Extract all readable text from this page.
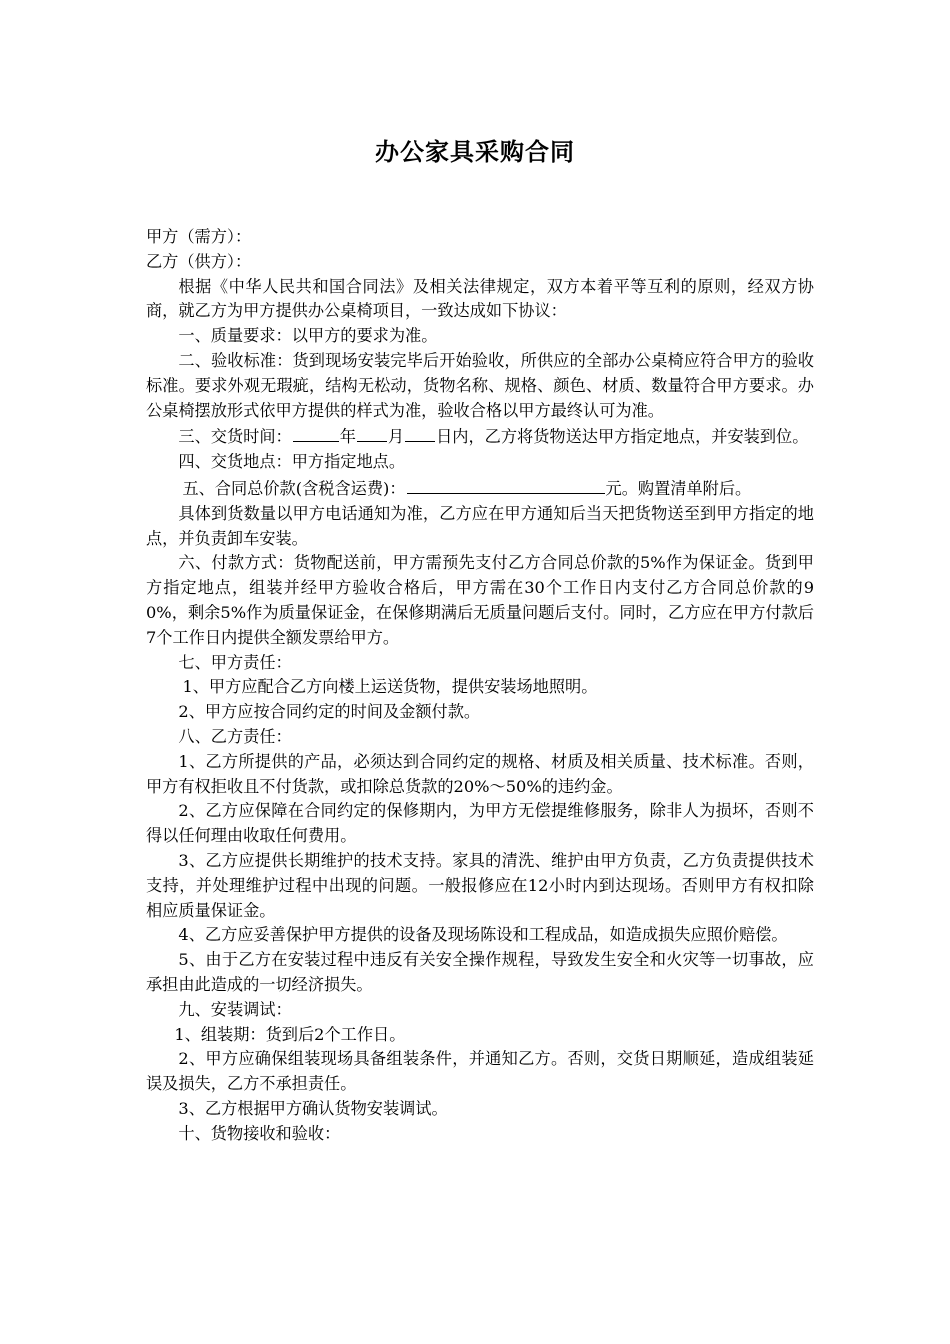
办公家具采购合同

甲方（需方）：

乙方（供方）：

根据《中华人民共和国合同法》及相关法律规定，双方本着平等互利的原则，经双方协商，就乙方为甲方提供办公桌椅项目，一致达成如下协议：

一、质量要求：以甲方的要求为准。

二、验收标准：货到现场安装完毕后开始验收，所供应的全部办公桌椅应符合甲方的验收标准。要求外观无瑕疵，结构无松动，货物名称、规格、颜色、材质、数量符合甲方要求。办公桌椅摆放形式依甲方提供的样式为准，验收合格以甲方最终认可为准。

三、交货时间：	年 月 日内，乙方将货物送达甲方指定地点，并安装到位。

四、交货地点：甲方指定地点。

五、合同总价款(含税含运费)：	元。购置清单附后。

具体到货数量以甲方电话通知为准，乙方应在甲方通知后当天把货物送至到甲方指定的地点，并负责卸车安装。

六、付款方式：货物配送前，甲方需预先支付乙方合同总价款的5%作为保证金。货到甲方指定地点，组装并经甲方验收合格后，甲方需在30个工作日内支付乙方合同总价款的90%，剩余5%作为质量保证金，在保修期满后无质量问题后支付。同时，乙方应在甲方付款后7个工作日内提供全额发票给甲方。

七、甲方责任：

1、甲方应配合乙方向楼上运送货物，提供安装场地照明。

2、甲方应按合同约定的时间及金额付款。

八、乙方责任：

1、乙方所提供的产品，必须达到合同约定的规格、材质及相关质量、技术标准。否则，甲方有权拒收且不付货款，或扣除总货款的20%～50%的违约金。

2、乙方应保障在合同约定的保修期内，为甲方无偿提维修服务，除非人为损坏，否则不得以任何理由收取任何费用。

3、乙方应提供长期维护的技术支持。家具的清洗、维护由甲方负责，乙方负责提供技术支持，并处理维护过程中出现的问题。一般报修应在12小时内到达现场。否则甲方有权扣除相应质量保证金。

4、乙方应妥善保护甲方提供的设备及现场陈设和工程成品，如造成损失应照价赔偿。

5、由于乙方在安装过程中违反有关安全操作规程，导致发生安全和火灾等一切事故，应承担由此造成的一切经济损失。

九、安装调试：

1、组装期：货到后2个工作日。

2、甲方应确保组装现场具备组装条件，并通知乙方。否则，交货日期顺延，造成组装延误及损失，乙方不承担责任。

3、乙方根据甲方确认货物安装调试。

十、货物接收和验收：
